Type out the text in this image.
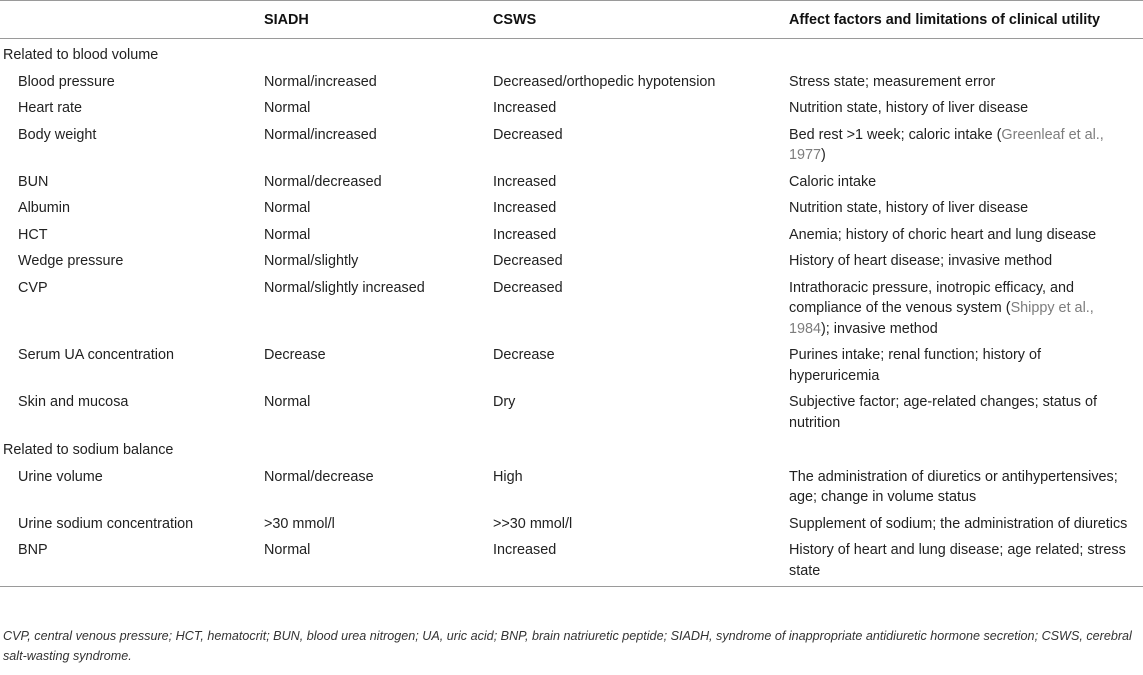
	SIADH	CSWS	Affect factors and limitations of clinical utility
Related to blood volume			
Blood pressure	Normal/increased	Decreased/orthopedic hypotension	Stress state; measurement error

Heart rate	Normal	Increased	Nutrition state, history of liver disease

Body weight	Normal/increased	Decreased	Bed rest >1 week; caloric intake (Greenleaf et al., 1977)

BUN	Normal/decreased	Increased	Caloric intake

Albumin	Normal	Increased	Nutrition state, history of liver disease

HCT	Normal	Increased	Anemia; history of choric heart and lung disease

Wedge pressure	Normal/slightly	Decreased	History of heart disease; invasive method

CVP	Normal/slightly increased	Decreased	Intrathoracic pressure, inotropic efficacy, and compliance of the venous system (Shippy et al., 1984); invasive method

Serum UA concentration	Decrease	Decrease	Purines intake; renal function; history of hyperuricemia

Skin and mucosa	Normal	Dry	Subjective factor; age-related changes; status of nutrition

Related to sodium balance			
Urine volume	Normal/decrease	High	The administration of diuretics or antihypertensives; age; change in volume status

Urine sodium concentration	>30 mmol/l	>>30 mmol/l	Supplement of sodium; the administration of diuretics

BNP	Normal	Increased	History of heart and lung disease; age related; stress state
CVP, central venous pressure; HCT, hematocrit; BUN, blood urea nitrogen; UA, uric acid; BNP, brain natriuretic peptide; SIADH, syndrome of inappropriate antidiuretic hormone secretion; CSWS, cerebral salt-wasting syndrome.
